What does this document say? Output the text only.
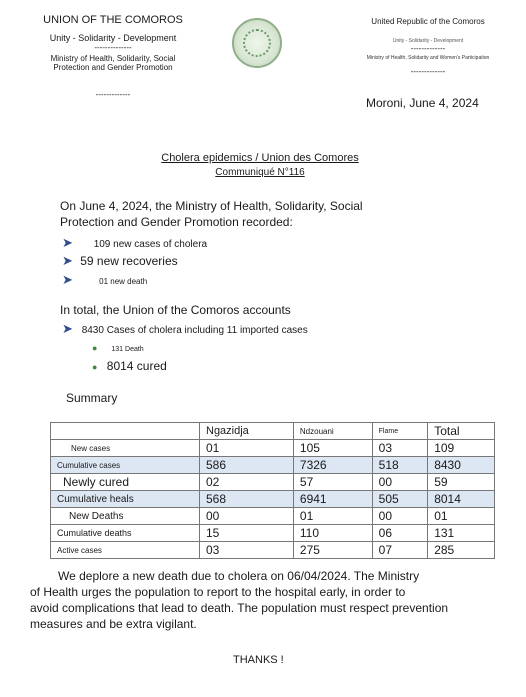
UNION OF THE COMOROS
Unity - Solidarity - Development
--------------
Ministry of Health, Solidarity, Social
Protection and Gender Promotion
-------------
United Republic of the Comoros
Unity - Solidarity - Development
-------------
Ministry of Health, Solidarity and Women's Participation
-------------
Moroni, June 4, 2024
Cholera epidemics / Union des Comores
Communiqué N°116
On June 4, 2024, the Ministry of Health, Solidarity, Social
Protection and Gender Promotion recorded:
➤ 109 new cases of cholera
➤ 59 new recoveries
➤	01 new death
In total, the Union of the Comoros accounts
➤ 8430 Cases of cholera including 11 imported cases
● 131 Death
● 8014 cured
Summary
	Ngazidja	Ndzouani	Flame	Total
New cases	01	105	03	109
Cumulative cases	586	7326	518	8430
Newly cured	02	57	00	59
Cumulative heals	568	6941	505	8014
New Deaths	00	01	00	01
Cumulative deaths	15	110	06	131
Active cases	03	275	07	285
We deplore a new death due to cholera on 06/04/2024. The Ministry
of Health urges the population to report to the hospital early, in order to
avoid complications that lead to death. The population must respect prevention
measures and be extra vigilant.
THANKS !
